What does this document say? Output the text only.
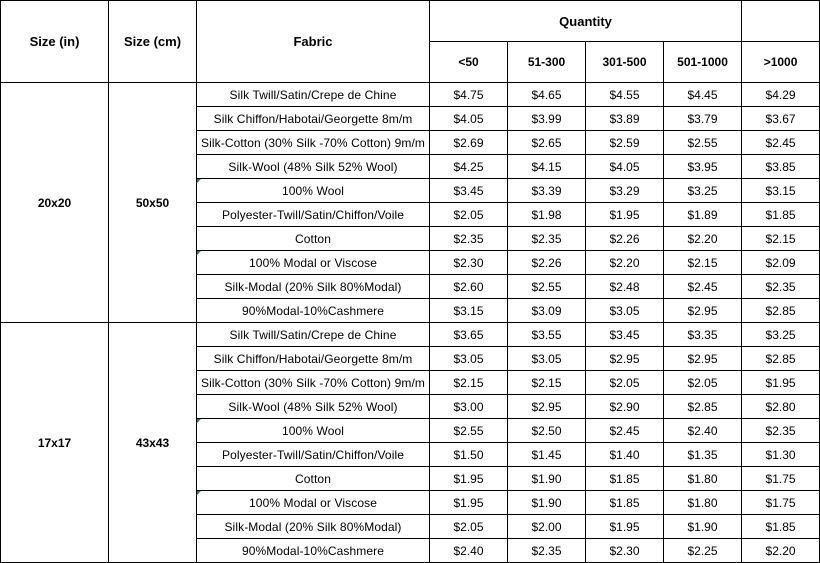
Size (in)	Size (cm)	Fabric	Quantity				
			<50	51-300	301-500	501-1000	>1000
20x20	50x50	Silk Twill/Satin/Crepe de Chine	$4.75	$4.65	$4.55	$4.45	$4.29
		Silk Chiffon/Habotai/Georgette 8m/m	$4.05	$3.99	$3.89	$3.79	$3.67
		Silk-Cotton (30% Silk -70% Cotton) 9m/m	$2.69	$2.65	$2.59	$2.55	$2.45
		Silk-Wool (48% Silk 52% Wool)	$4.25	$4.15	$4.05	$3.95	$3.85
		100% Wool	$3.45	$3.39	$3.29	$3.25	$3.15
		Polyester-Twill/Satin/Chiffon/Voile	$2.05	$1.98	$1.95	$1.89	$1.85
		Cotton	$2.35	$2.35	$2.26	$2.20	$2.15
		100% Modal or Viscose	$2.30	$2.26	$2.20	$2.15	$2.09
		Silk-Modal (20% Silk 80%Modal)	$2.60	$2.55	$2.48	$2.45	$2.35
		90%Modal-10%Cashmere	$3.15	$3.09	$3.05	$2.95	$2.85
17x17	43x43	Silk Twill/Satin/Crepe de Chine	$3.65	$3.55	$3.45	$3.35	$3.25
		Silk Chiffon/Habotai/Georgette 8m/m	$3.05	$3.05	$2.95	$2.95	$2.85
		Silk-Cotton (30% Silk -70% Cotton) 9m/m	$2.15	$2.15	$2.05	$2.05	$1.95
		Silk-Wool (48% Silk 52% Wool)	$3.00	$2.95	$2.90	$2.85	$2.80
		100% Wool	$2.55	$2.50	$2.45	$2.40	$2.35
		Polyester-Twill/Satin/Chiffon/Voile	$1.50	$1.45	$1.40	$1.35	$1.30
		Cotton	$1.95	$1.90	$1.85	$1.80	$1.75
		100% Modal or Viscose	$1.95	$1.90	$1.85	$1.80	$1.75
		Silk-Modal (20% Silk 80%Modal)	$2.05	$2.00	$1.95	$1.90	$1.85
		90%Modal-10%Cashmere	$2.40	$2.35	$2.30	$2.25	$2.20
